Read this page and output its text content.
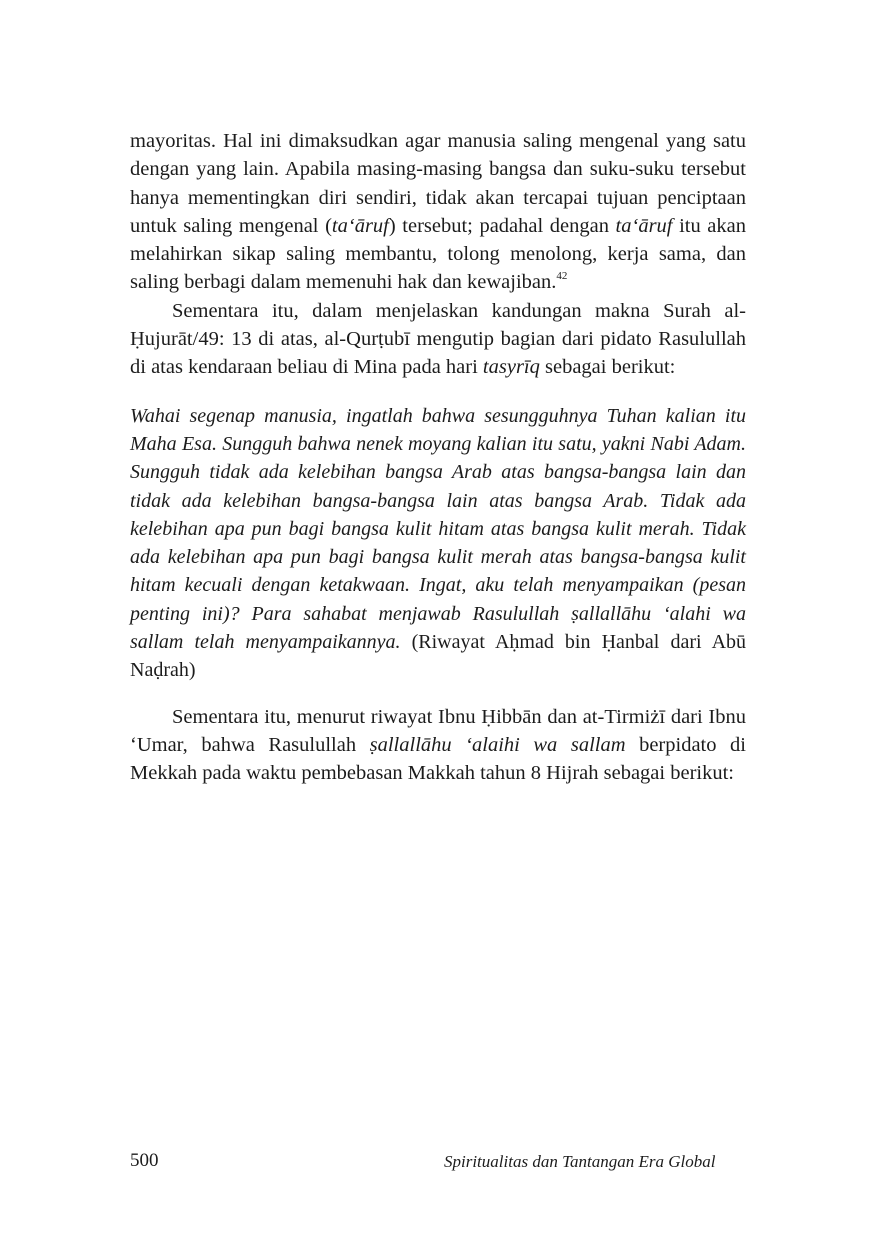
mayoritas. Hal ini dimaksudkan agar manusia saling mengenal yang satu dengan yang lain. Apabila masing-masing bangsa dan suku-suku tersebut hanya mementingkan diri sendiri, tidak akan tercapai tujuan penciptaan untuk saling mengenal (ta‘āruf) tersebut; padahal dengan ta‘āruf itu akan melahirkan sikap saling membantu, tolong menolong, kerja sama, dan saling berbagi dalam memenuhi hak dan kewajiban.$^{42}$

Sementara itu, dalam menjelaskan kandungan makna Surah al-Ḥujurāt/49: 13 di atas, al-Qurṭubī mengutip bagian dari pidato Rasulullah di atas kendaraan beliau di Mina pada hari tasyrīq sebagai berikut:

Wahai segenap manusia, ingatlah bahwa sesungguhnya Tuhan kalian itu Maha Esa. Sungguh bahwa nenek moyang kalian itu satu, yakni Nabi Adam. Sungguh tidak ada kelebihan bangsa Arab atas bangsa-bangsa lain dan tidak ada kelebihan bangsa-bangsa lain atas bangsa Arab. Tidak ada kelebihan apa pun bagi bangsa kulit hitam atas bangsa kulit merah. Tidak ada kelebihan apa pun bagi bangsa kulit merah atas bangsa-bangsa kulit hitam kecuali dengan ketakwaan. Ingat, aku telah menyampaikan (pesan penting ini)? Para sahabat menjawab Rasulullah ṣallallāhu ‘alahi wa sallam telah menyampaikannya. (Riwayat Aḥmad bin Ḥanbal dari Abū Naḍrah)

Sementara itu, menurut riwayat Ibnu Ḥibbān dan at-Tirmiżī dari Ibnu ‘Umar, bahwa Rasulullah ṣallallāhu ‘alaihi wa sallam berpidato di Mekkah pada waktu pembebasan Makkah tahun 8 Hijrah sebagai berikut:

500	Spiritualitas dan Tantangan Era Global
